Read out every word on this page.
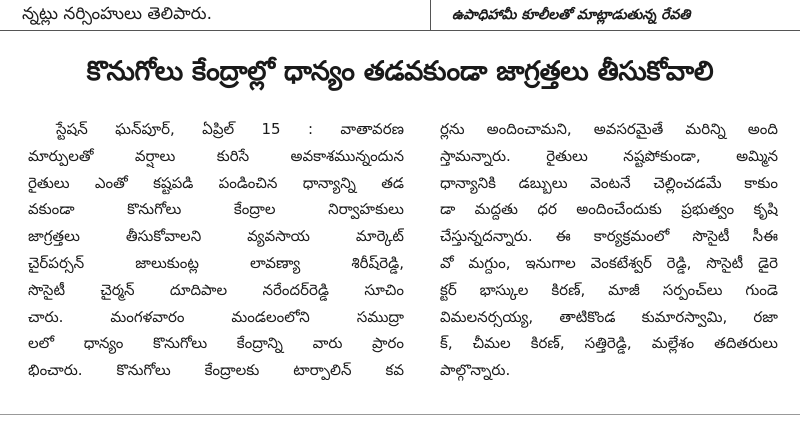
న్నట్లు నర్సింహులు తెలిపారు.	ఉపాధిహామీ కూలీలతో మాట్లాడుతున్న రేవతి
కొనుగోలు కేంద్రాల్లో ధాన్యం తడవకుండా జాగ్రత్తలు తీసుకోవాలి
స్టేషన్ ఘన్‌పూర్, ఏప్రిల్ 15 : వాతావరణ
మార్పులతో వర్షాలు కురిసే అవకాశమున్నందున
రైతులు ఎంతో కష్టపడి పండించిన ధాన్యాన్ని తడ
వకుండా కొనుగోలు కేంద్రాల నిర్వాహకులు
జాగ్రత్తలు తీసుకోవాలని వ్యవసాయ మార్కెట్
చైర్‌పర్సన్ జాలుకుంట్ల లావణ్యా శిరీష్‌రెడ్డి,
సొసైటీ చైర్మన్ దూదిపాల నరేందర్‌రెడ్డి సూచిం
చారు. మంగళవారం మండలంలోని సముద్రా
లలో ధాన్యం కొనుగోలు కేంద్రాన్ని వారు ప్రారం
భించారు. కొనుగోలు కేంద్రాలకు టార్పాలిన్ కవ
ర్లను అందించామని, అవసరమైతే మరిన్ని అంది
స్తామన్నారు. రైతులు నష్టపోకుండా, అమ్మిన
ధాన్యానికి డబ్బులు వెంటనే చెల్లించడమే కాకుం
డా మద్దతు ధర అందించేందుకు ప్రభుత్వం కృషి
చేస్తున్నదన్నారు. ఈ కార్యక్రమంలో సొసైటీ సీఈ
వో మగ్దుం, ఇనుగాల వెంకటేశ్వర్ రెడ్డి, సొసైటీ డైరె
క్టర్ భాస్కుల కిరణ్, మాజీ సర్పంచ్‌లు గుండె
విమలనర్సయ్య, తాటికొండ కుమారస్వామి, రజా
క్, చీమల కిరణ్, సత్తిరెడ్డి, మల్లేశం తదితరులు
పాల్గొన్నారు.
